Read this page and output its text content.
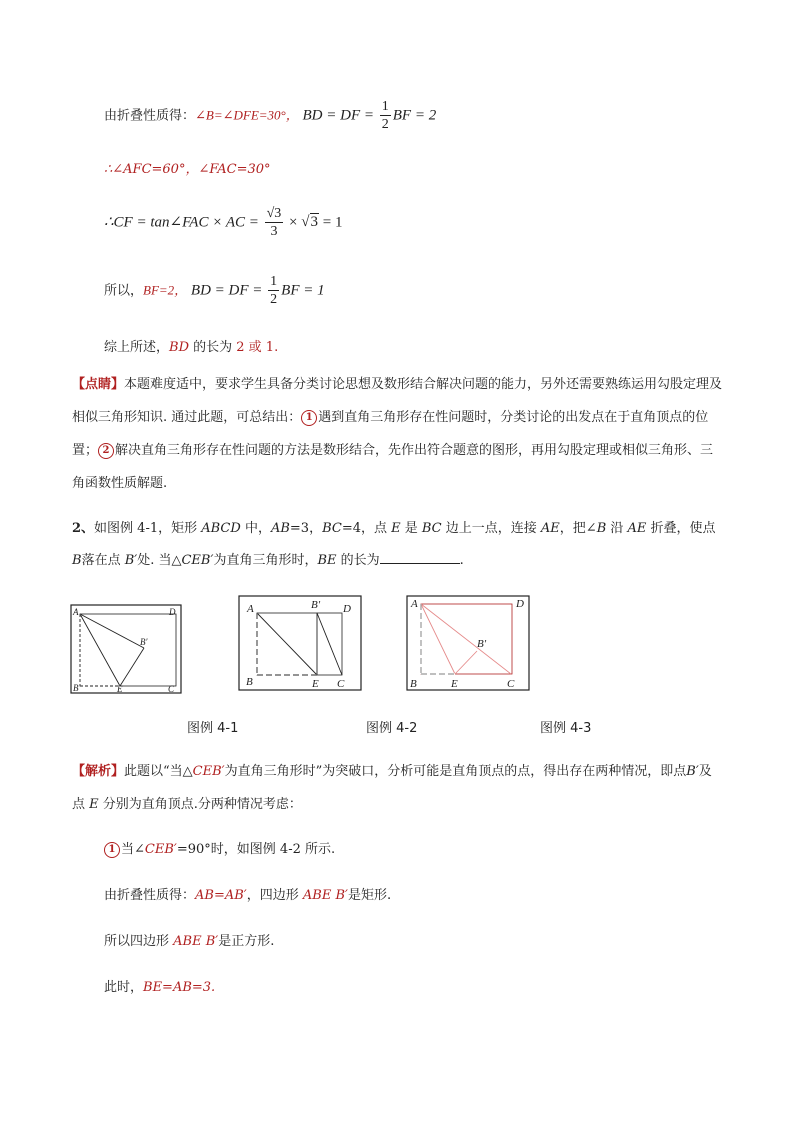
由折叠性质得：∠B=∠DFE=30°， BD = DF = $\frac{1}{2}$ BF = 2
∴∠AFC=60°，∠FAC=30°
∴CF = tan∠FAC × AC = $\frac{√3}{3} \times √3 = 1$
所以，BF=2， BD = DF = $\frac{1}{2}$ BF = 1
综上所述，BD 的长为 2 或 1.
【点睛】本题难度适中，要求学生具备分类讨论思想及数形结合解决问题的能力，另外还需要熟练运用勾股定理及相似三角形知识. 通过此题，可总结出： 1 遇到直角三角形存在性问题时，分类讨论的出发点在于直角顶点的位置； 2 解决直角三角形存在性问题的方法是数形结合，先作出符合题意的图形，再用勾股定理或相似三角形、三角函数性质解题.
2、如图例 4-1，矩形 ABCD 中，AB=3，BC=4，点 E 是 BC 边上一点，连接 AE，把∠B 沿 AE 折叠，使点 B落在点 B′处. 当△CEB′为直角三角形时，BE 的长为	.
A	D
B	E	C
B′
A	B′ D
B	E C
A	D
B′
B	E	C
图例 4-1	图例 4-2	图例 4-3
【解析】此题以“当△CEB′为直角三角形时”为突破口，分析可能是直角顶点的点，得出存在两种情况，即点B′及点 E 分别为直角顶点.分两种情况考虑：
1 当∠CEB′=90°时，如图例 4-2 所示.
由折叠性质得：AB=AB′，四边形 ABE B′是矩形.
所以四边形 ABE B′是正方形.
此时，BE=AB=3.
